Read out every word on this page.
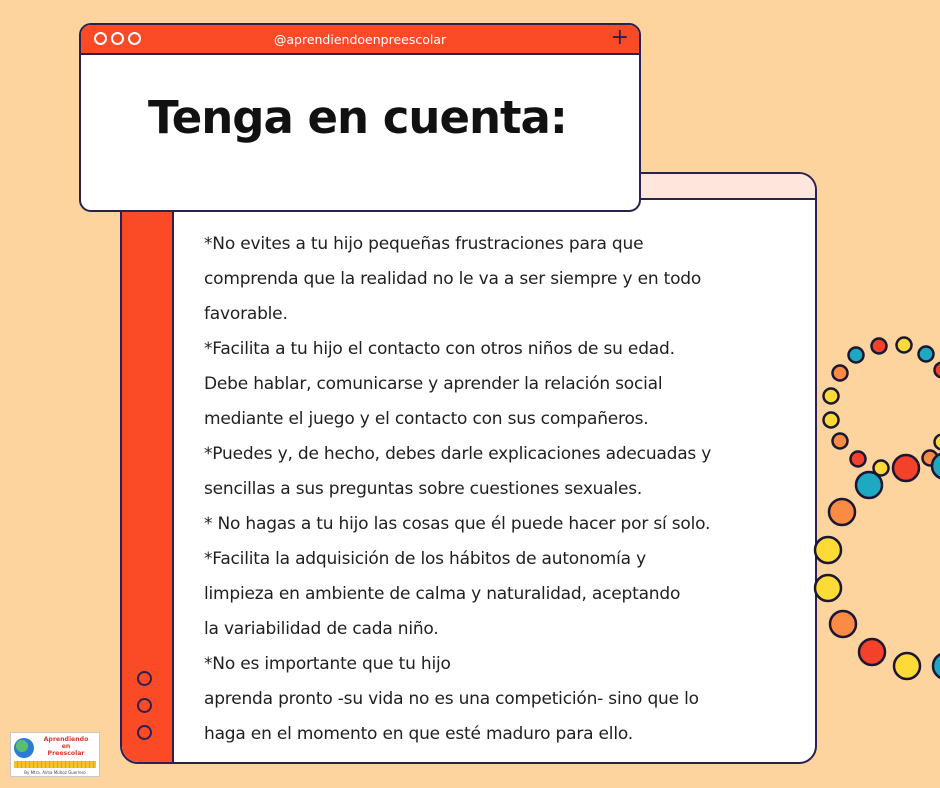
@aprendiendoenpreescolar	+
Tenga en cuenta:
*No evites a tu hijo pequeñas frustraciones para que
comprenda que la realidad no le va a ser siempre y en todo
favorable.
*Facilita a tu hijo el contacto con otros niños de su edad.
Debe hablar, comunicarse y aprender la relación social
mediante el juego y el contacto con sus compañeros.
*Puedes y, de hecho, debes darle explicaciones adecuadas y
sencillas a sus preguntas sobre cuestiones sexuales.
* No hagas a tu hijo las cosas que él puede hacer por sí solo.
*Facilita la adquisición de los hábitos de autonomía y
limpieza en ambiente de calma y naturalidad, aceptando
la variabilidad de cada niño.
*No es importante que tu hijo
aprenda pronto -su vida no es una competición- sino que lo
haga en el momento en que esté maduro para ello.
Aprendiendo
en
Preescolar
By Mtra. Alma Muñoz Guerrero
